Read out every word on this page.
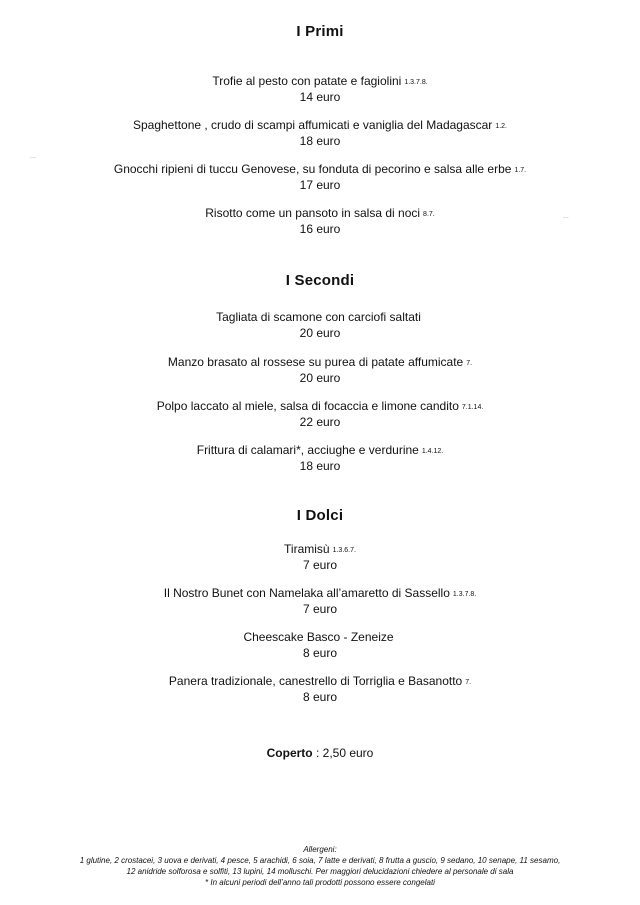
I Primi
Trofie al pesto con patate e fagiolini 1.3.7.8.
14 euro
Spaghettone , crudo di scampi affumicati e vaniglia del Madagascar 1.2.
18 euro
Gnocchi ripieni di tuccu Genovese, su fonduta di pecorino e salsa alle erbe 1.7.
17 euro
Risotto come un pansoto in salsa di noci 8.7.
16 euro
I Secondi
Tagliata di scamone con carciofi saltati
20 euro
Manzo brasato al rossese su purea di patate affumicate 7.
20 euro
Polpo laccato al miele, salsa di focaccia e limone candito 7.1.14.
22 euro
Frittura di calamari*, acciughe e verdurine 1.4.12.
18 euro
I Dolci
Tiramisù 1.3.6.7.
7 euro
Il Nostro Bunet con Namelaka all’amaretto di Sassello 1.3.7.8.
7 euro
Cheescake Basco - Zeneize
8 euro
Panera tradizionale, canestrello di Torriglia e Basanotto 7.
8 euro
Coperto : 2,50 euro
Allergeni:
1 glutine, 2 crostacei, 3 uova e derivati, 4 pesce, 5 arachidi, 6 soia, 7 latte e derivati, 8 frutta a guscio, 9 sedano, 10 senape, 11 sesamo,
12 anidride solforosa e solfiti, 13 lupini, 14 molluschi. Per maggiori delucidazioni chiedere al personale di sala
* In alcuni periodi dell’anno tali prodotti possono essere congelati
...
...
